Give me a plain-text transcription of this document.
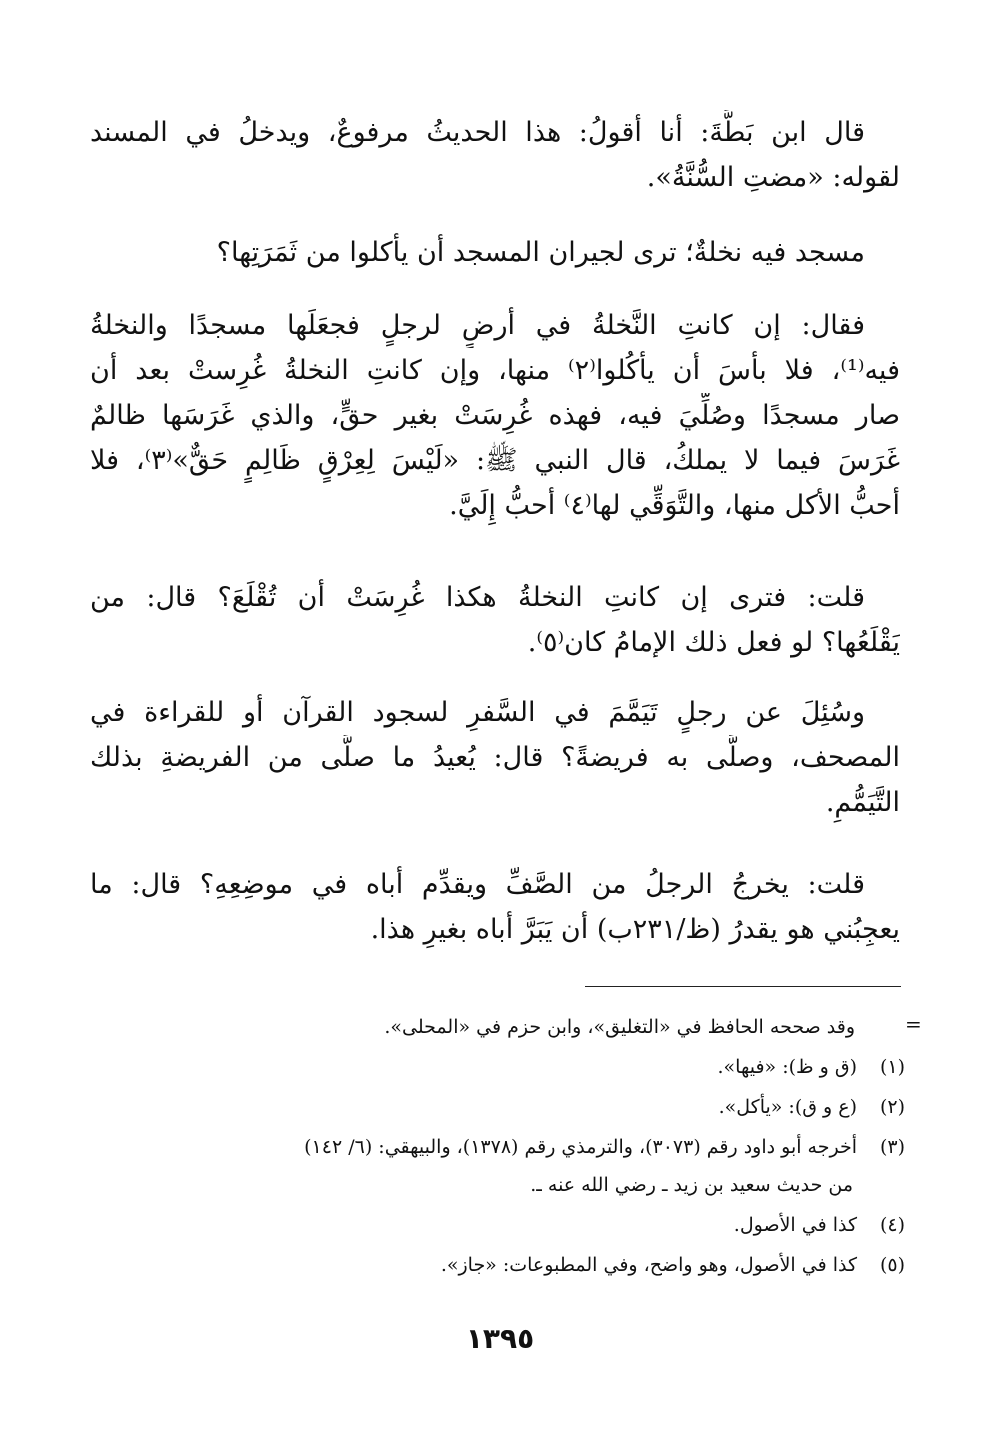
قال ابن بَطَّةَ: أنا أقولُ: هذا الحديثُ مرفوعٌ، ويدخلُ في المسند
لقوله: «مضتِ السُّنَّةُ».
مسجد فيه نخلةٌ؛ ترى لجيران المسجد أن يأكلوا من ثَمَرَتِها؟
فقال: إن كانتِ النَّخلةُ في أرضٍ لرجلٍ فجعَلَها مسجدًا والنخلةُ
فيه⁽¹⁾، فلا بأسَ أن يأكُلوا⁽٢⁾ منها، وإن كانتِ النخلةُ غُرِستْ بعد أن
صار مسجدًا وصُلِّيَ فيه، فهذه غُرِسَتْ بغير حقٍّ، والذي غَرَسَها ظالمٌ
غَرَسَ فيما لا يملكُ، قال النبي ﷺ: «لَيْسَ لِعِرْقٍ ظَالِمٍ حَقٌّ»⁽٣⁾، فلا
أحبُّ الأكل منها، والتَّوَقِّي لها⁽٤⁾ أحبُّ إِلَيَّ.
قلت: فترى إن كانتِ النخلةُ هكذا غُرِسَتْ أن تُقْلَعَ؟ قال: من
يَقْلَعُها؟ لو فعل ذلك الإمامُ كان⁽٥⁾.
وسُئِلَ عن رجلٍ تَيَمَّمَ في السَّفرِ لسجود القرآن أو للقراءة في
المصحف، وصلَّى به فريضةً؟ قال: يُعيدُ ما صلَّى من الفريضةِ بذلك
التَّيَمُّمِ.
قلت: يخرجُ الرجلُ من الصَّفِّ ويقدِّم أباه في موضِعِهِ؟ قال: ما
يعجِبُني هو يقدرُ (ظ/٢٣١ب) أن يَبَرَّ أباه بغيرِ هذا.
=
وقد صححه الحافظ في «التغليق»، وابن حزم في «المحلى».
(١)(ق و ظ): «فيها».
(٢)(ع و ق): «يأكل».
(٣)أخرجه أبو داود رقم (٣٠٧٣)، والترمذي رقم (١٣٧٨)، والبيهقي: (٦/ ١٤٢)
من حديث سعيد بن زيد ـ رضي الله عنه ـ.
(٤)كذا في الأصول.
(٥)كذا في الأصول، وهو واضح، وفي المطبوعات: «جاز».
١٣٩٥
